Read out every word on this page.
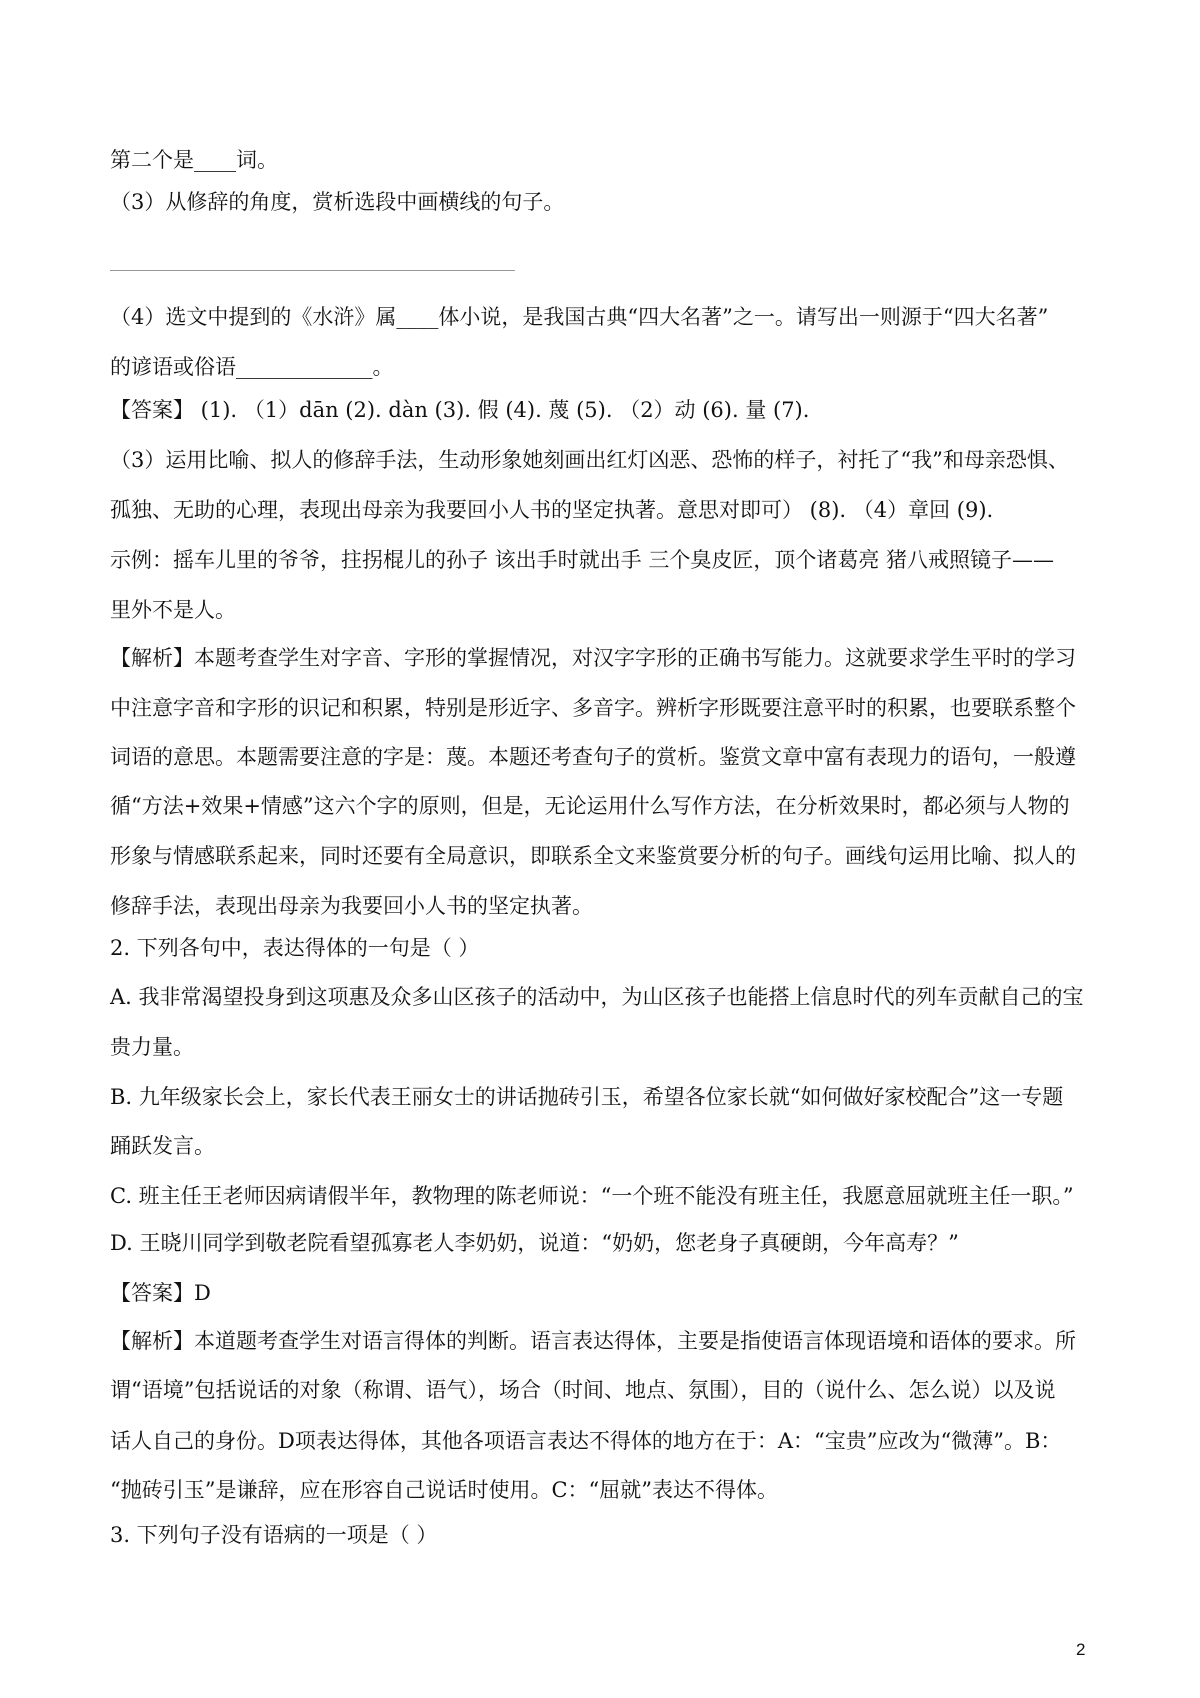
第二个是____词。
（3）从修辞的角度，赏析选段中画横线的句子。
（4）选文中提到的《水浒》属____体小说，是我国古典“四大名著”之一。请写出一则源于“四大名著”
的谚语或俗语_____________。
【答案】 (1). （1）dān (2). dàn (3). 假 (4). 蔑 (5). （2）动 (6). 量 (7).
（3）运用比喻、拟人的修辞手法，生动形象她刻画出红灯凶恶、恐怖的样子，衬托了“我”和母亲恐惧、
孤独、无助的心理，表现出母亲为我要回小人书的坚定执著。意思对即可） (8). （4）章回 (9).
示例：摇车儿里的爷爷，拄拐棍儿的孙子 该出手时就出手 三个臭皮匠，顶个诸葛亮 猪八戒照镜子——
里外不是人。
【解析】本题考查学生对字音、字形的掌握情况，对汉字字形的正确书写能力。这就要求学生平时的学习
中注意字音和字形的识记和积累，特别是形近字、多音字。辨析字形既要注意平时的积累，也要联系整个
词语的意思。本题需要注意的字是：蔑。本题还考查句子的赏析。鉴赏文章中富有表现力的语句，一般遵
循“方法+效果+情感”这六个字的原则，但是，无论运用什么写作方法，在分析效果时，都必须与人物的
形象与情感联系起来，同时还要有全局意识，即联系全文来鉴赏要分析的句子。画线句运用比喻、拟人的
修辞手法，表现出母亲为我要回小人书的坚定执著。
2. 下列各句中，表达得体的一句是（ ）
A. 我非常渴望投身到这项惠及众多山区孩子的活动中，为山区孩子也能搭上信息时代的列车贡献自己的宝
贵力量。
B. 九年级家长会上，家长代表王丽女士的讲话抛砖引玉，希望各位家长就“如何做好家校配合”这一专题
踊跃发言。
C. 班主任王老师因病请假半年，教物理的陈老师说：“一个班不能没有班主任，我愿意屈就班主任一职。”
D. 王晓川同学到敬老院看望孤寡老人李奶奶，说道：“奶奶，您老身子真硬朗，今年高寿？”
【答案】D
【解析】本道题考查学生对语言得体的判断。语言表达得体，主要是指使语言体现语境和语体的要求。所
谓“语境”包括说话的对象（称谓、语气），场合（时间、地点、氛围），目的（说什么、怎么说）以及说
话人自己的身份。D项表达得体，其他各项语言表达不得体的地方在于：A：“宝贵”应改为“微薄”。B：
“抛砖引玉”是谦辞，应在形容自己说话时使用。C：“屈就”表达不得体。
3. 下列句子没有语病的一项是（ ）
2
